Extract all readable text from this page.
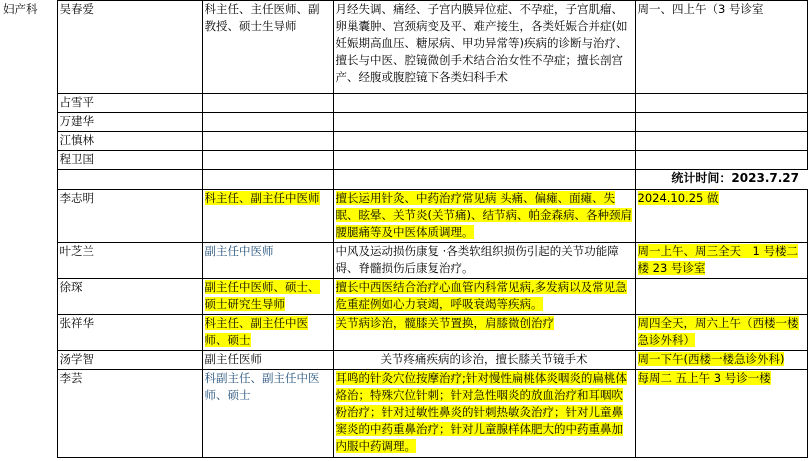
妇产科	吴春爱	科主任、主任医师、副教授、硕士生导师	月经失调、痛经、子宫内膜异位症、不孕症，子宫肌瘤、卵巢囊肿、宫颈病变及平、难产接生，各类妊娠合并症(如妊娠期高血压、糖尿病、甲功异常等)疾病的诊断与治疗、擅长与中医、腔镜微创手术结合治女性不孕症；擅长剖宫产、经腹或腹腔镜下各类妇科手术	周一、四上午（3 号诊室
	占雪平			
	万建华			
	江慎林			
	程卫国			
				统计时间：2023.7.27
	李志明	科主任、副主任中医师	擅长运用针灸、中药治疗常见病 头痛、偏瘫、面瘫、失眠、眩晕、关节炎(关节痛)、结节病、帕金森病、各种颈肩腰腿痛等及中医体质调理。	2024.10.25 做
	叶芝兰	副主任中医师	中风及运动损伤康复 ·各类软组织损伤引起的关节功能障碍、脊髓损伤后康复治疗。	周一上午、周三全天　1 号楼二楼 23 号诊室
	徐琛	副主任中医师、硕士、硕士研究生导师	擅长中西医结合治疗心血管内科常见病,多发病以及常见急危重症例如心力衰竭，呼吸衰竭等疾病。	
	张祥华	科主任、副主任中医师、硕士	关节病诊治，髋膝关节置换，肩膝微创治疗	周四全天，周六上午（西楼一楼急诊外科）
	汤学智	副主任医师	关节疼痛疾病的诊治，擅长膝关节镜手术	周一下午(西楼一楼急诊外科)
	李芸	科副主任、副主任中医师、硕士	耳鸣的针灸穴位按摩治疗;针对慢性扁桃体炎咽炎的扁桃体烙治；特殊穴位针刺；针对急性咽炎的放血治疗和耳咽吹粉治疗；针对过敏性鼻炎的针刺热敏灸治疗；针对儿童鼻窦炎的中药重鼻治疗；针对儿童腺样体肥大的中药重鼻加内服中药调理。	每周二 五上午 3 号诊一楼
